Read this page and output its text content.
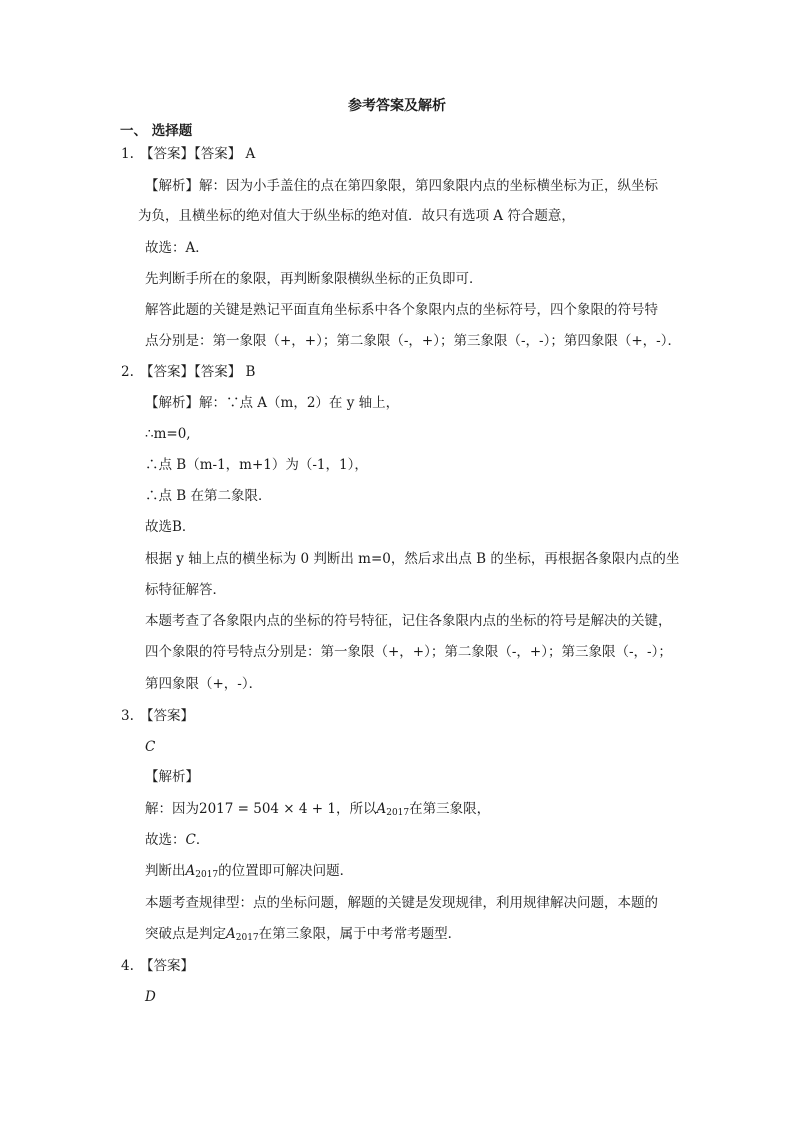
参考答案及解析
一、 选择题
1. 【答案】【答案】 A
【解析】解：因为小手盖住的点在第四象限，第四象限内点的坐标横坐标为正，纵坐标
为负，且横坐标的绝对值大于纵坐标的绝对值．故只有选项 A 符合题意，
故选：A．
先判断手所在的象限，再判断象限横纵坐标的正负即可．
解答此题的关键是熟记平面直角坐标系中各个象限内点的坐标符号，四个象限的符号特
点分别是：第一象限（+，+）；第二象限（-，+）；第三象限（-，-）；第四象限（+，-）．
2. 【答案】【答案】 B
【解析】解：∵点 A（m，2）在 y 轴上，
∴m=0,
∴点 B（m-1，m+1）为（-1，1），
∴点 B 在第二象限．
故选B．
根据 y 轴上点的横坐标为 0 判断出 m=0，然后求出点 B 的坐标，再根据各象限内点的坐
标特征解答．
本题考查了各象限内点的坐标的符号特征，记住各象限内点的坐标的符号是解决的关键，
四个象限的符号特点分别是：第一象限（+，+）；第二象限（-，+）；第三象限（-，-）；
第四象限（+，-）．
3. 【答案】
C
【解析】
解：因为2017 = 504 × 4 + 1，所以$A_{2017}$在第三象限，
故选：C．
判断出$A_{2017}$的位置即可解决问题．
本题考查规律型：点的坐标问题，解题的关键是发现规律，利用规律解决问题，本题的
突破点是判定$A_{2017}$在第三象限，属于中考常考题型．
4. 【答案】
D
